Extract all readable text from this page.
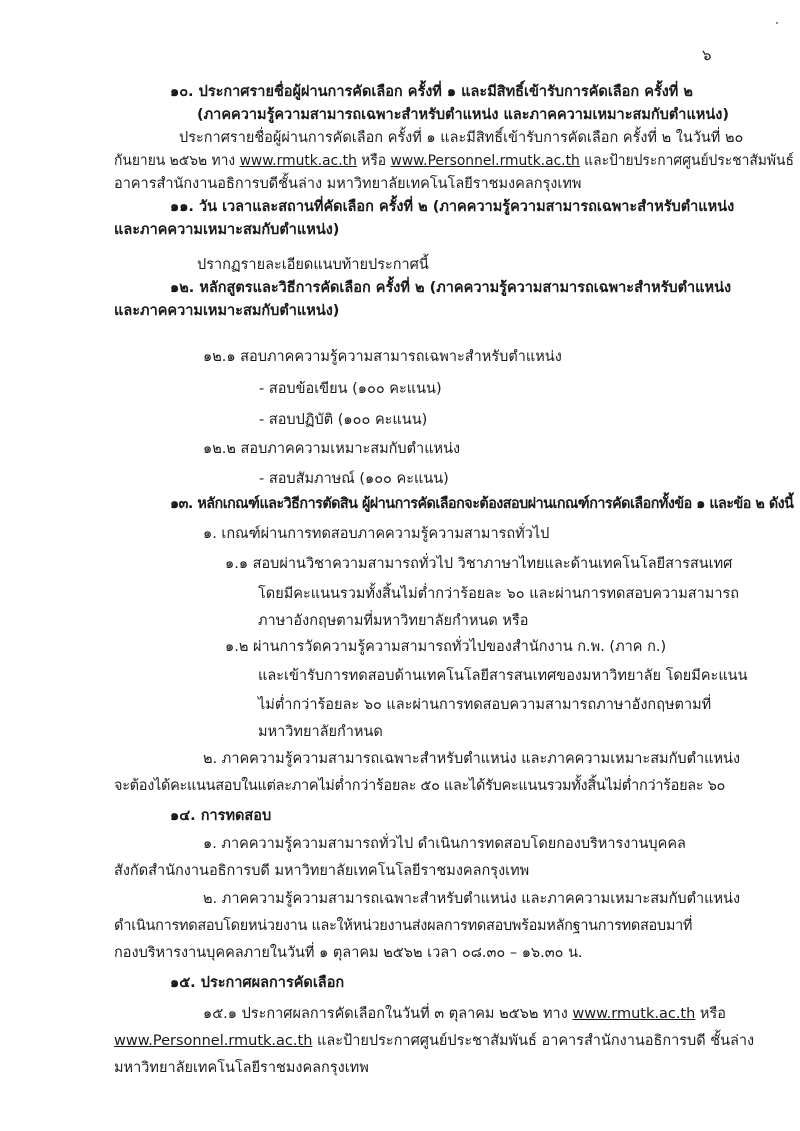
๖
๑๐. ประกาศรายชื่อผู้ผ่านการคัดเลือก ครั้งที่ ๑ และมีสิทธิ์เข้ารับการคัดเลือก ครั้งที่ ๒
(ภาคความรู้ความสามารถเฉพาะสำหรับตำแหน่ง และภาคความเหมาะสมกับตำแหน่ง)
ประกาศรายชื่อผู้ผ่านการคัดเลือก ครั้งที่ ๑ และมีสิทธิ์เข้ารับการคัดเลือก ครั้งที่ ๒ ในวันที่ ๒๐
กันยายน ๒๕๖๒ ทาง www.rmutk.ac.th หรือ www.Personnel.rmutk.ac.th และป้ายประกาศศูนย์ประชาสัมพันธ์
อาคารสำนักงานอธิการบดีชั้นล่าง มหาวิทยาลัยเทคโนโลยีราชมงคลกรุงเทพ
๑๑. วัน เวลาและสถานที่คัดเลือก ครั้งที่ ๒ (ภาคความรู้ความสามารถเฉพาะสำหรับตำแหน่ง
และภาคความเหมาะสมกับตำแหน่ง)
ปรากฏรายละเอียดแนบท้ายประกาศนี้
๑๒. หลักสูตรและวิธีการคัดเลือก ครั้งที่ ๒ (ภาคความรู้ความสามารถเฉพาะสำหรับตำแหน่ง
และภาคความเหมาะสมกับตำแหน่ง)
๑๒.๑ สอบภาคความรู้ความสามารถเฉพาะสำหรับตำแหน่ง
- สอบข้อเขียน (๑๐๐ คะแนน)
- สอบปฏิบัติ (๑๐๐ คะแนน)
๑๒.๒ สอบภาคความเหมาะสมกับตำแหน่ง
- สอบสัมภาษณ์ (๑๐๐ คะแนน)
๑๓. หลักเกณฑ์และวิธีการตัดสิน ผู้ผ่านการคัดเลือกจะต้องสอบผ่านเกณฑ์การคัดเลือกทั้งข้อ ๑ และข้อ ๒ ดังนี้
๑. เกณฑ์ผ่านการทดสอบภาคความรู้ความสามารถทั่วไป
๑.๑ สอบผ่านวิชาความสามารถทั่วไป วิชาภาษาไทยและด้านเทคโนโลยีสารสนเทศ
โดยมีคะแนนรวมทั้งสิ้นไม่ต่ำกว่าร้อยละ ๖๐ และผ่านการทดสอบความสามารถ
ภาษาอังกฤษตามที่มหาวิทยาลัยกำหนด หรือ
๑.๒ ผ่านการวัดความรู้ความสามารถทั่วไปของสำนักงาน ก.พ. (ภาค ก.)
และเข้ารับการทดสอบด้านเทคโนโลยีสารสนเทศของมหาวิทยาลัย โดยมีคะแนน
ไม่ต่ำกว่าร้อยละ ๖๐ และผ่านการทดสอบความสามารถภาษาอังกฤษตามที่
มหาวิทยาลัยกำหนด
๒. ภาคความรู้ความสามารถเฉพาะสำหรับตำแหน่ง และภาคความเหมาะสมกับตำแหน่ง
จะต้องได้คะแนนสอบในแต่ละภาคไม่ต่ำกว่าร้อยละ ๕๐ และได้รับคะแนนรวมทั้งสิ้นไม่ต่ำกว่าร้อยละ ๖๐
๑๔. การทดสอบ
๑. ภาคความรู้ความสามารถทั่วไป ดำเนินการทดสอบโดยกองบริหารงานบุคคล
สังกัดสำนักงานอธิการบดี มหาวิทยาลัยเทคโนโลยีราชมงคลกรุงเทพ
๒. ภาคความรู้ความสามารถเฉพาะสำหรับตำแหน่ง และภาคความเหมาะสมกับตำแหน่ง
ดำเนินการทดสอบโดยหน่วยงาน และให้หน่วยงานส่งผลการทดสอบพร้อมหลักฐานการทดสอบมาที่
กองบริหารงานบุคคลภายในวันที่ ๑ ตุลาคม ๒๕๖๒ เวลา ๐๘.๓๐ – ๑๖.๓๐ น.
๑๕. ประกาศผลการคัดเลือก
๑๕.๑ ประกาศผลการคัดเลือกในวันที่ ๓ ตุลาคม ๒๕๖๒ ทาง www.rmutk.ac.th หรือ
www.Personnel.rmutk.ac.th และป้ายประกาศศูนย์ประชาสัมพันธ์ อาคารสำนักงานอธิการบดี ชั้นล่าง
มหาวิทยาลัยเทคโนโลยีราชมงคลกรุงเทพ
